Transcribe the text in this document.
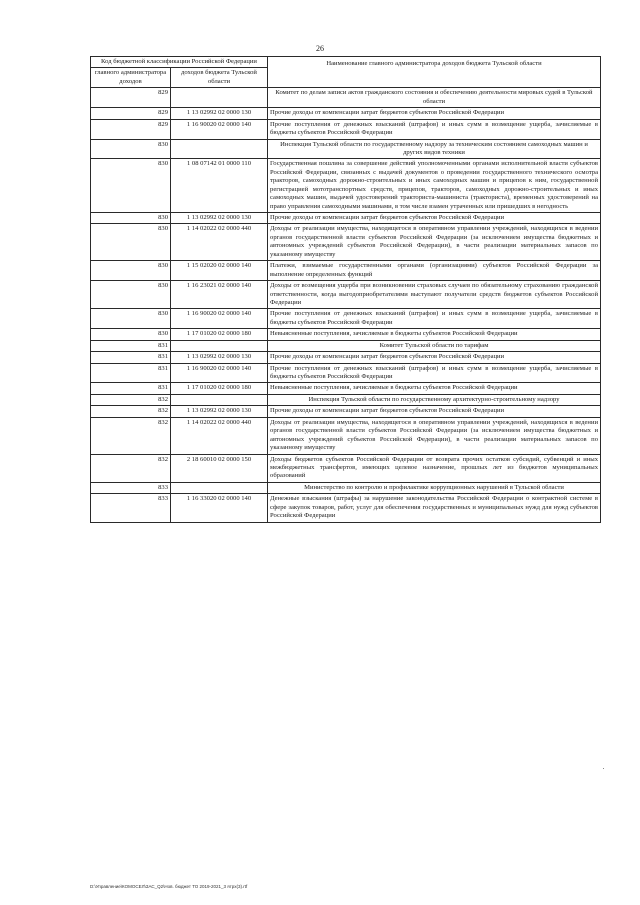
26
Код бюджетной классификации Российской Федерации		Наименование главного администратора доходов бюджета Тульской области
главного администратора доходов	доходов бюджета Тульской области	
829		Комитет по делам записи актов гражданского состояния и обеспечению деятельности мировых судей в Тульской области
829	1 13 02992 02 0000 130	Прочие доходы от компенсации затрат бюджетов субъектов Российской Федерации
829	1 16 90020 02 0000 140	Прочие поступления от денежных взысканий (штрафов) и иных сумм в возмещение ущерба, зачисляемые в бюджеты субъектов Российской Федерации
830		Инспекция Тульской области по государственному надзору за техническим состоянием самоходных машин и других видов техники
830	1 08 07142 01 0000 110	Государственная пошлина за совершение действий уполномоченными органами исполнительной власти субъектов Российской Федерации, связанных с выдачей документов о проведении государственного технического осмотра тракторов, самоходных дорожно-строительных и иных самоходных машин и прицепов к ним, государственной регистрацией мототранспортных средств, прицепов, тракторов, самоходных дорожно-строительных и иных самоходных машин, выдачей удостоверений тракториста-машиниста (тракториста), временных удостоверений на право управления самоходными машинами, в том числе взамен утраченных или пришедших в негодность
830	1 13 02992 02 0000 130	Прочие доходы от компенсации затрат бюджетов субъектов Российской Федерации
830	1 14 02022 02 0000 440	Доходы от реализации имущества, находящегося в оперативном управлении учреждений, находящихся в ведении органов государственной власти субъектов Российской Федерации (за исключением имущества бюджетных и автономных учреждений субъектов Российской Федерации), в части реализации материальных запасов по указанному имуществу
830	1 15 02020 02 0000 140	Платежи, взимаемые государственными органами (организациями) субъектов Российской Федерации за выполнение определенных функций
830	1 16 23021 02 0000 140	Доходы от возмещения ущерба при возникновении страховых случаев по обязательному страхованию гражданской ответственности, когда выгодоприобретателями выступают получатели средств бюджетов субъектов Российской Федерации
830	1 16 90020 02 0000 140	Прочие поступления от денежных взысканий (штрафов) и иных сумм в возмещение ущерба, зачисляемые в бюджеты субъектов Российской Федерации
830	1 17 01020 02 0000 180	Невыясненные поступления, зачисляемые в бюджеты субъектов Российской Федерации
831		Комитет Тульской области по тарифам
831	1 13 02992 02 0000 130	Прочие доходы от компенсации затрат бюджетов субъектов Российской Федерации
831	1 16 90020 02 0000 140	Прочие поступления от денежных взысканий (штрафов) и иных сумм в возмещение ущерба, зачисляемые в бюджеты субъектов Российской Федерации
831	1 17 01020 02 0000 180	Невыясненные поступления, зачисляемые в бюджеты субъектов Российской Федерации
832		Инспекция Тульской области по государственному архитектурно-строительному надзору
832	1 13 02992 02 0000 130	Прочие доходы от компенсации затрат бюджетов субъектов Российской Федерации
832	1 14 02022 02 0000 440	Доходы от реализации имущества, находящегося в оперативном управлении учреждений, находящихся в ведении органов государственной власти субъектов Российской Федерации (за исключением имущества бюджетных и автономных учреждений субъектов Российской Федерации), в части реализации материальных запасов по указанному имуществу
832	2 18 60010 02 0000 150	Доходы бюджетов субъектов Российской Федерации от возврата прочих остатков субсидий, субвенций и иных межбюджетных трансфертов, имеющих целевое назначение, прошлых лет из бюджетов муниципальных образований
833		Министерство по контролю и профилактике коррупционных нарушений в Тульской области
833	1 16 33020 02 0000 140	Денежные взыскания (штрафы) за нарушение законодательства Российской Федерации о контрактной системе в сфере закупок товаров, работ, услуг для обеспечения государственных и муниципальных нужд для нужд субъектов Российской Федерации
D:\Управление\КОМОСЕЛ\ЗАС_Q2\Нов. бюджет ТО 2019-2021_3 ятрх(3).rtf
